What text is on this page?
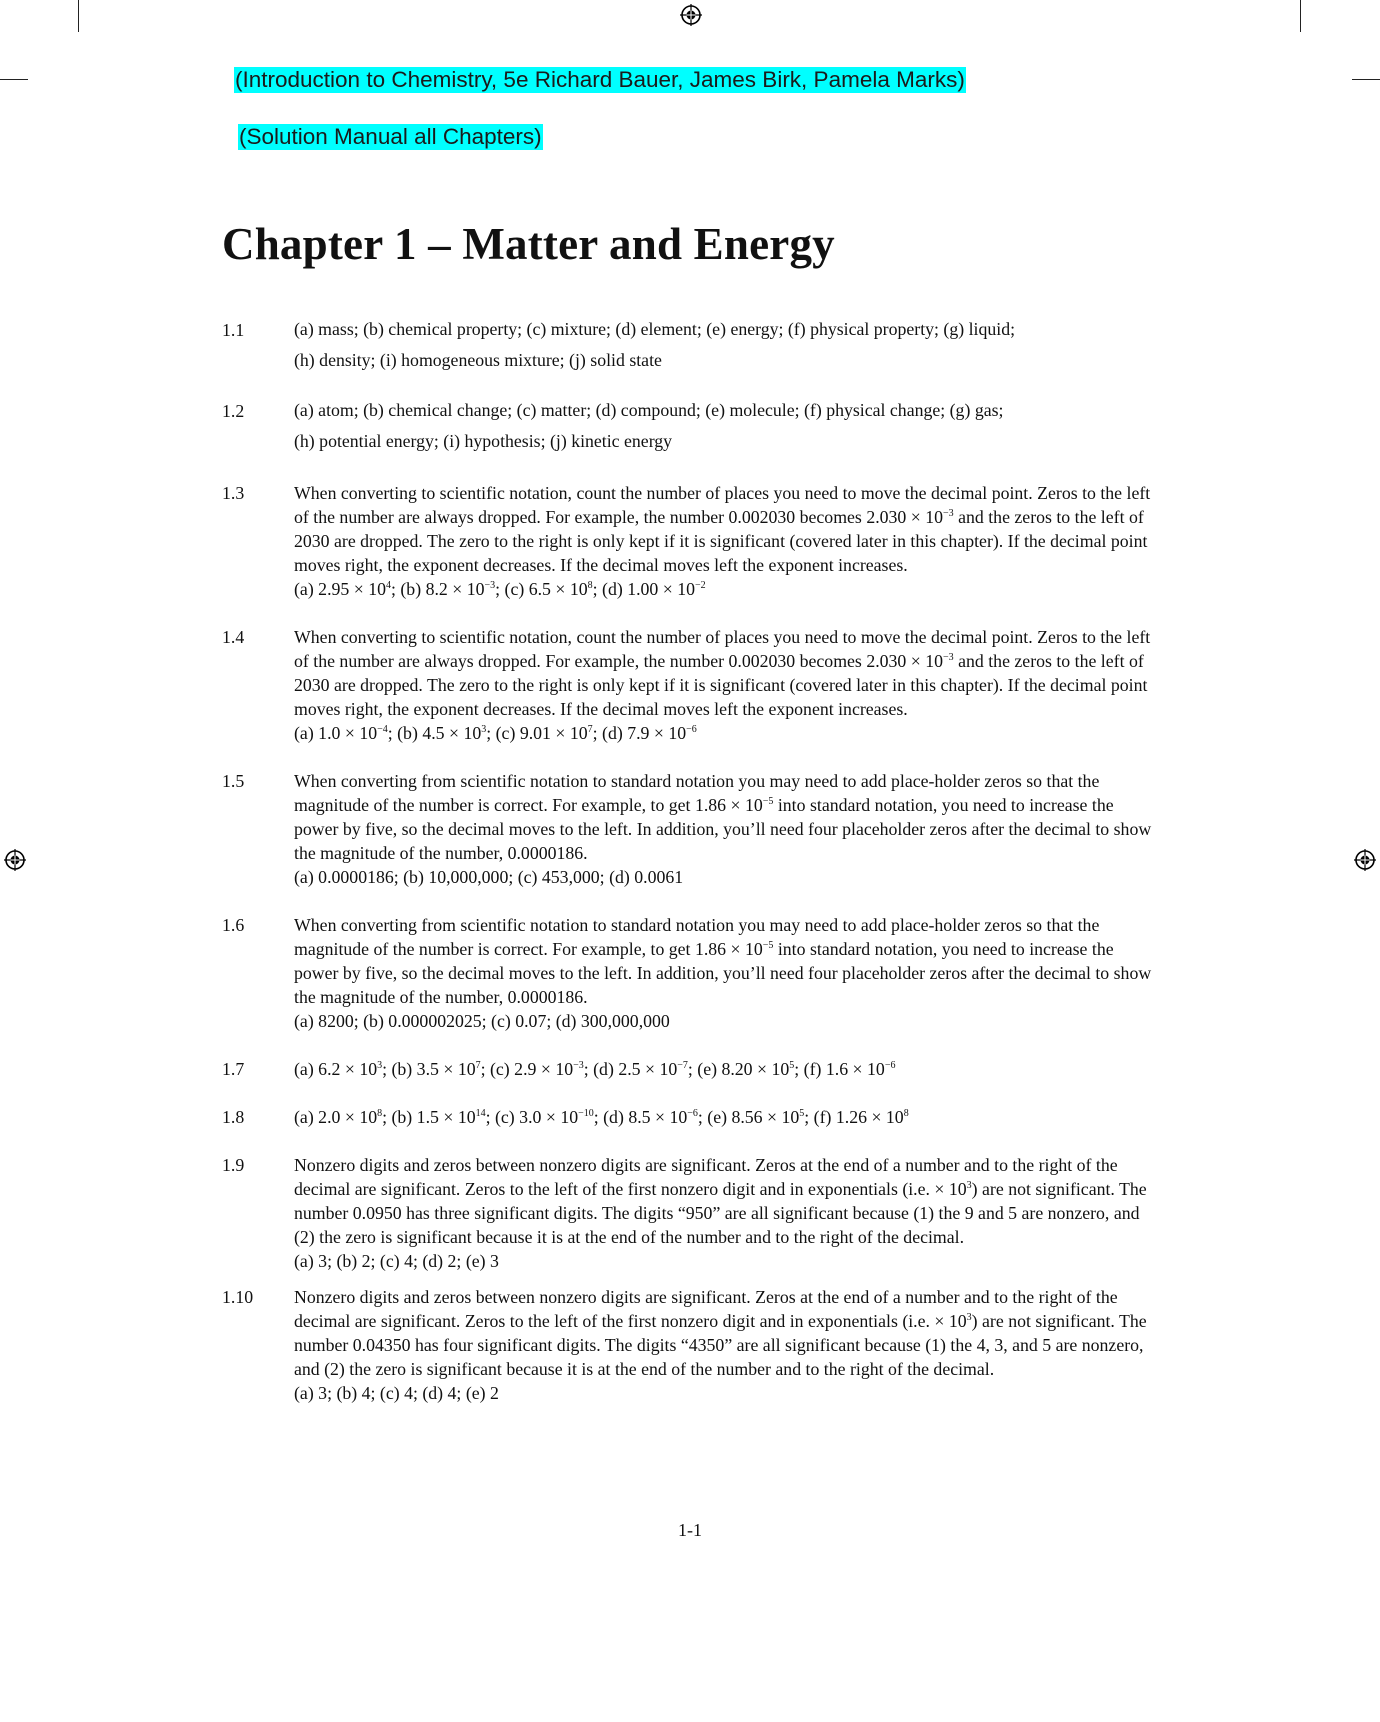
(Introduction to Chemistry, 5e Richard Bauer, James Birk, Pamela Marks)
(Solution Manual all Chapters)
Chapter 1 – Matter and Energy
1.1	(a) mass; (b) chemical property; (c) mixture; (d) element; (e) energy; (f) physical property; (g) liquid;

(h) density; (i) homogeneous mixture; (j) solid state

1.2	(a) atom; (b) chemical change; (c) matter; (d) compound; (e) molecule; (f) physical change; (g) gas;

(h) potential energy; (i) hypothesis; (j) kinetic energy

1.3	When converting to scientific notation, count the number of places you need to move the decimal point. Zeros to the left of the number are always dropped. For example, the number 0.002030 becomes $2.030 \times 10^{-3}$ and the zeros to the left of 2030 are dropped. The zero to the right is only kept if it is significant (covered later in this chapter). If the decimal point moves right, the exponent decreases. If the decimal moves left the exponent increases.

(a) $2.95 \times 10^4$; (b) $8.2 \times 10^{-3}$; (c) $6.5 \times 10^8$; (d) $1.00 \times 10^{-2}$

1.4	When converting to scientific notation, count the number of places you need to move the decimal point. Zeros to the left of the number are always dropped. For example, the number 0.002030 becomes $2.030 \times 10^{-3}$ and the zeros to the left of 2030 are dropped. The zero to the right is only kept if it is significant (covered later in this chapter). If the decimal point moves right, the exponent decreases. If the decimal moves left the exponent increases.

(a) $1.0 \times 10^{-4}$; (b) $4.5 \times 10^3$; (c) $9.01 \times 10^7$; (d) $7.9 \times 10^{-6}$

1.5	When converting from scientific notation to standard notation you may need to add place-holder zeros so that the magnitude of the number is correct. For example, to get $1.86 \times 10^{-5}$ into standard notation, you need to increase the power by five, so the decimal moves to the left. In addition, you’ll need four placeholder zeros after the decimal to show the magnitude of the number, 0.0000186.

(a) 0.0000186; (b) 10,000,000; (c) 453,000; (d) 0.0061

1.6	When converting from scientific notation to standard notation you may need to add place-holder zeros so that the magnitude of the number is correct. For example, to get $1.86 \times 10^{-5}$ into standard notation, you need to increase the power by five, so the decimal moves to the left. In addition, you’ll need four placeholder zeros after the decimal to show the magnitude of the number, 0.0000186.

(a) 8200; (b) 0.000002025; (c) 0.07; (d) 300,000,000

1.7	(a) $6.2 \times 10^3$; (b) $3.5 \times 10^7$; (c) $2.9 \times 10^{-3}$; (d) $2.5 \times 10^{-7}$; (e) $8.20 \times 10^5$; (f) $1.6 \times 10^{-6}$

1.8	(a) $2.0 \times 10^8$; (b) $1.5 \times 10^{14}$; (c) $3.0 \times 10^{-10}$; (d) $8.5 \times 10^{-6}$; (e) $8.56 \times 10^5$; (f) $1.26 \times 10^8$

1.9	Nonzero digits and zeros between nonzero digits are significant. Zeros at the end of a number and to the right of the decimal are significant. Zeros to the left of the first nonzero digit and in exponentials (i.e. × $10^3$) are not significant. The number 0.0950 has three significant digits. The digits “950” are all significant because (1) the 9 and 5 are nonzero, and (2) the zero is significant because it is at the end of the number and to the right of the decimal.

(a) 3; (b) 2; (c) 4; (d) 2; (e) 3

1.10	Nonzero digits and zeros between nonzero digits are significant. Zeros at the end of a number and to the right of the decimal are significant. Zeros to the left of the first nonzero digit and in exponentials (i.e. × $10^3$) are not significant. The number 0.04350 has four significant digits. The digits “4350” are all significant because (1) the 4, 3, and 5 are nonzero, and (2) the zero is significant because it is at the end of the number and to the right of the decimal.

(a) 3; (b) 4; (c) 4; (d) 4; (e) 2

1-1
